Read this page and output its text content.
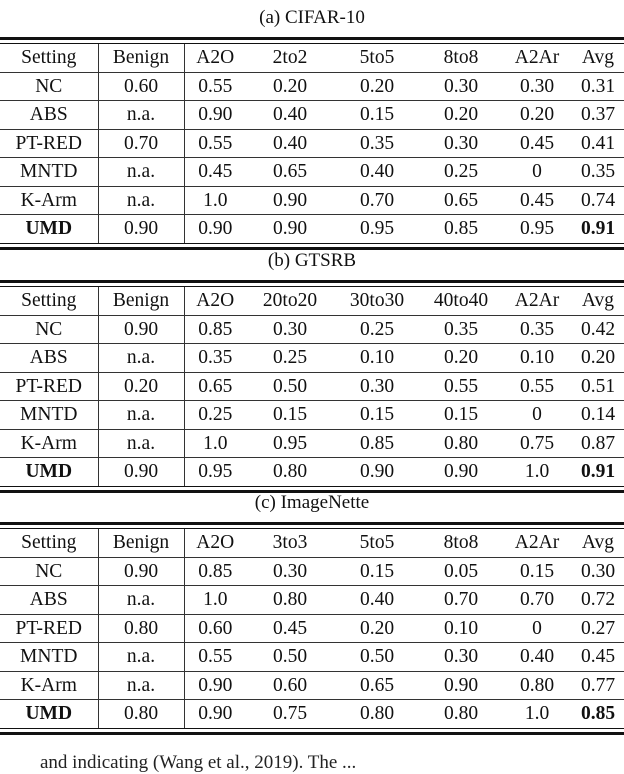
(a) CIFAR-10
Setting	Benign	A2O	2to2	5to5	8to8	A2Ar	Avg
NC	0.60	0.55	0.20	0.20	0.30	0.30	0.31
ABS	n.a.	0.90	0.40	0.15	0.20	0.20	0.37
PT-RED	0.70	0.55	0.40	0.35	0.30	0.45	0.41
MNTD	n.a.	0.45	0.65	0.40	0.25	0	0.35
K-Arm	n.a.	1.0	0.90	0.70	0.65	0.45	0.74
UMD	0.90	0.90	0.90	0.95	0.85	0.95	0.91
(b) GTSRB
Setting	Benign	A2O	20to20	30to30	40to40	A2Ar	Avg
NC	0.90	0.85	0.30	0.25	0.35	0.35	0.42
ABS	n.a.	0.35	0.25	0.10	0.20	0.10	0.20
PT-RED	0.20	0.65	0.50	0.30	0.55	0.55	0.51
MNTD	n.a.	0.25	0.15	0.15	0.15	0	0.14
K-Arm	n.a.	1.0	0.95	0.85	0.80	0.75	0.87
UMD	0.90	0.95	0.80	0.90	0.90	1.0	0.91
(c) ImageNette
Setting	Benign	A2O	3to3	5to5	8to8	A2Ar	Avg
NC	0.90	0.85	0.30	0.15	0.05	0.15	0.30
ABS	n.a.	1.0	0.80	0.40	0.70	0.70	0.72
PT-RED	0.80	0.60	0.45	0.20	0.10	0	0.27
MNTD	n.a.	0.55	0.50	0.50	0.30	0.40	0.45
K-Arm	n.a.	0.90	0.60	0.65	0.90	0.80	0.77
UMD	0.80	0.90	0.75	0.80	0.80	1.0	0.85
and indicating (Wang et al., 2019). The ...
